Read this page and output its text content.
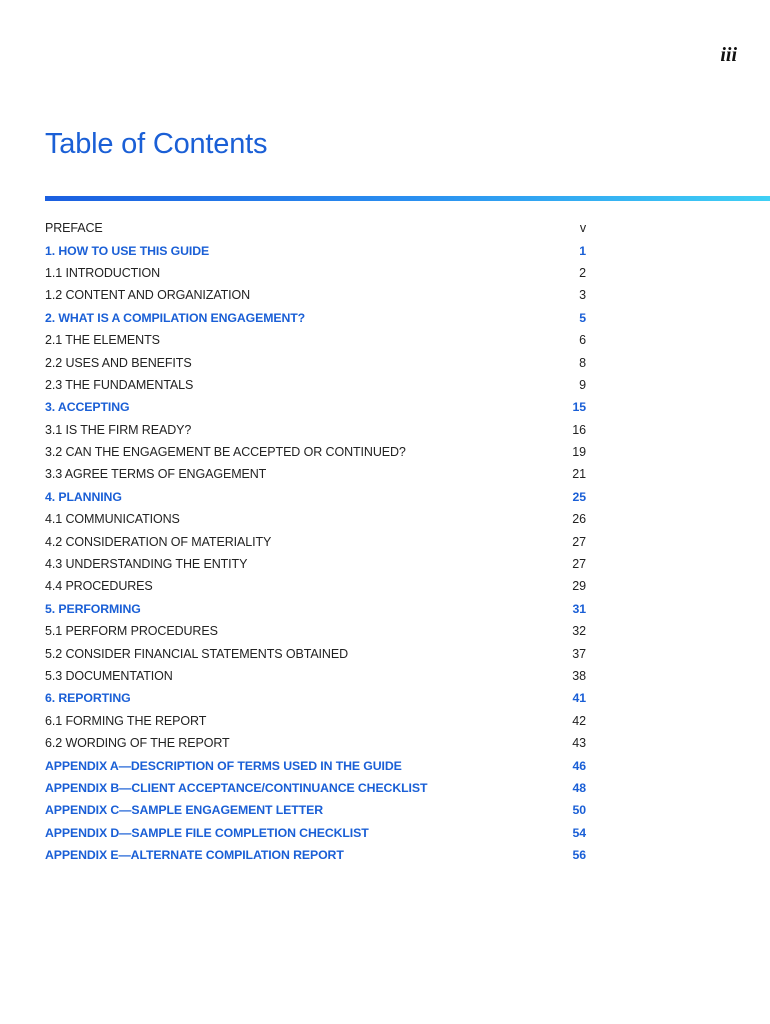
iii
Table of Contents
PREFACE	v
1. HOW TO USE THIS GUIDE	1
1.1 INTRODUCTION	2
1.2 CONTENT AND ORGANIZATION	3
2. WHAT IS A COMPILATION ENGAGEMENT?	5
2.1 THE ELEMENTS	6
2.2 USES AND BENEFITS	8
2.3 THE FUNDAMENTALS	9
3. ACCEPTING	15
3.1 IS THE FIRM READY?	16
3.2 CAN THE ENGAGEMENT BE ACCEPTED OR CONTINUED?	19
3.3 AGREE TERMS OF ENGAGEMENT	21
4. PLANNING	25
4.1 COMMUNICATIONS	26
4.2 CONSIDERATION OF MATERIALITY	27
4.3 UNDERSTANDING THE ENTITY	27
4.4 PROCEDURES	29
5. PERFORMING	31
5.1 PERFORM PROCEDURES	32
5.2 CONSIDER FINANCIAL STATEMENTS OBTAINED	37
5.3 DOCUMENTATION	38
6. REPORTING	41
6.1 FORMING THE REPORT	42
6.2 WORDING OF THE REPORT	43
APPENDIX A—DESCRIPTION OF TERMS USED IN THE GUIDE	46
APPENDIX B—CLIENT ACCEPTANCE/CONTINUANCE CHECKLIST	48
APPENDIX C—SAMPLE ENGAGEMENT LETTER	50
APPENDIX D—SAMPLE FILE COMPLETION CHECKLIST	54
APPENDIX E—ALTERNATE COMPILATION REPORT	56
